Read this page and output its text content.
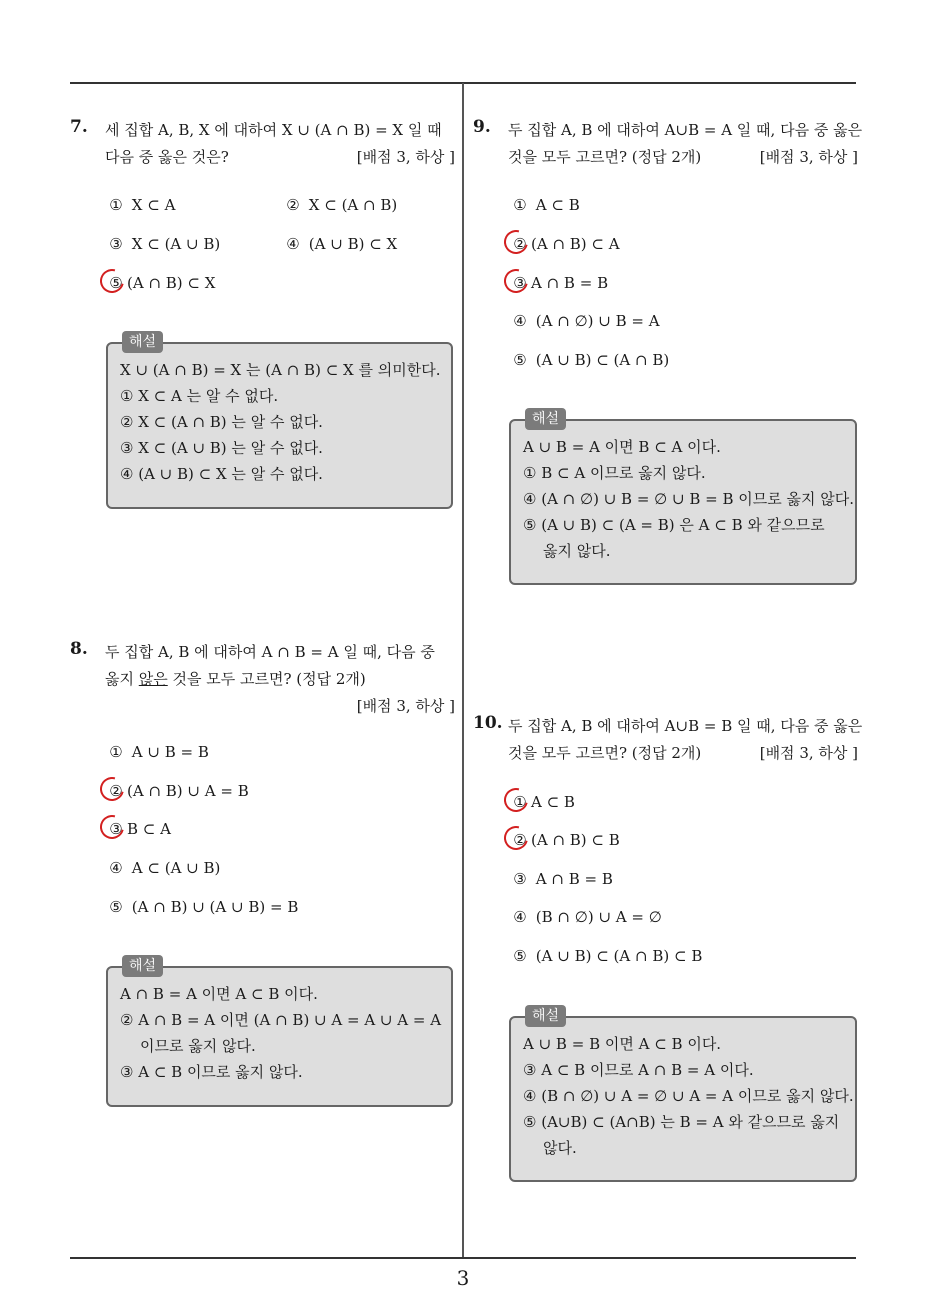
7. 세 집합 A, B, X 에 대하여 X ∪ (A ∩ B) = X 일 때
다음 중 옳은 것은?	[배점 3, 하상 ]
① X ⊂ A	② X ⊂ (A ∩ B)
③ X ⊂ (A ∪ B)	④ (A ∪ B) ⊂ X
⑤ (A ∩ B) ⊂ X
해설
X ∪ (A ∩ B) = X 는 (A ∩ B) ⊂ X 를 의미한다.
① X ⊂ A 는 알 수 없다.
② X ⊂ (A ∩ B) 는 알 수 없다.
③ X ⊂ (A ∪ B) 는 알 수 없다.
④ (A ∪ B) ⊂ X 는 알 수 없다.
8. 두 집합 A, B 에 대하여 A ∩ B = A 일 때, 다음 중
옳지 않은 것을 모두 고르면? (정답 2개)
[배점 3, 하상 ]
① A ∪ B = B
② (A ∩ B) ∪ A = B
③ B ⊂ A
④ A ⊂ (A ∪ B)
⑤ (A ∩ B) ∪ (A ∪ B) = B
해설
A ∩ B = A 이면 A ⊂ B 이다.
② A ∩ B = A 이면 (A ∩ B) ∪ A = A ∪ A = A
이므로 옳지 않다.
③ A ⊂ B 이므로 옳지 않다.
9. 두 집합 A, B 에 대하여 A∪B = A 일 때, 다음 중 옳은
것을 모두 고르면? (정답 2개)	[배점 3, 하상 ]
① A ⊂ B
② (A ∩ B) ⊂ A
③ A ∩ B = B
④ (A ∩ ∅) ∪ B = A
⑤ (A ∪ B) ⊂ (A ∩ B)
해설
A ∪ B = A 이면 B ⊂ A 이다.
① B ⊂ A 이므로 옳지 않다.
④ (A ∩ ∅) ∪ B = ∅ ∪ B = B 이므로 옳지 않다.
⑤ (A ∪ B) ⊂ (A = B) 은 A ⊂ B 와 같으므로
옳지 않다.
10. 두 집합 A, B 에 대하여 A∪B = B 일 때, 다음 중 옳은
것을 모두 고르면? (정답 2개)	[배점 3, 하상 ]
① A ⊂ B
② (A ∩ B) ⊂ B
③ A ∩ B = B
④ (B ∩ ∅) ∪ A = ∅
⑤ (A ∪ B) ⊂ (A ∩ B) ⊂ B
해설
A ∪ B = B 이면 A ⊂ B 이다.
③ A ⊂ B 이므로 A ∩ B = A 이다.
④ (B ∩ ∅) ∪ A = ∅ ∪ A = A 이므로 옳지 않다.
⑤ (A∪B) ⊂ (A∩B) 는 B = A 와 같으므로 옳지
않다.
3
